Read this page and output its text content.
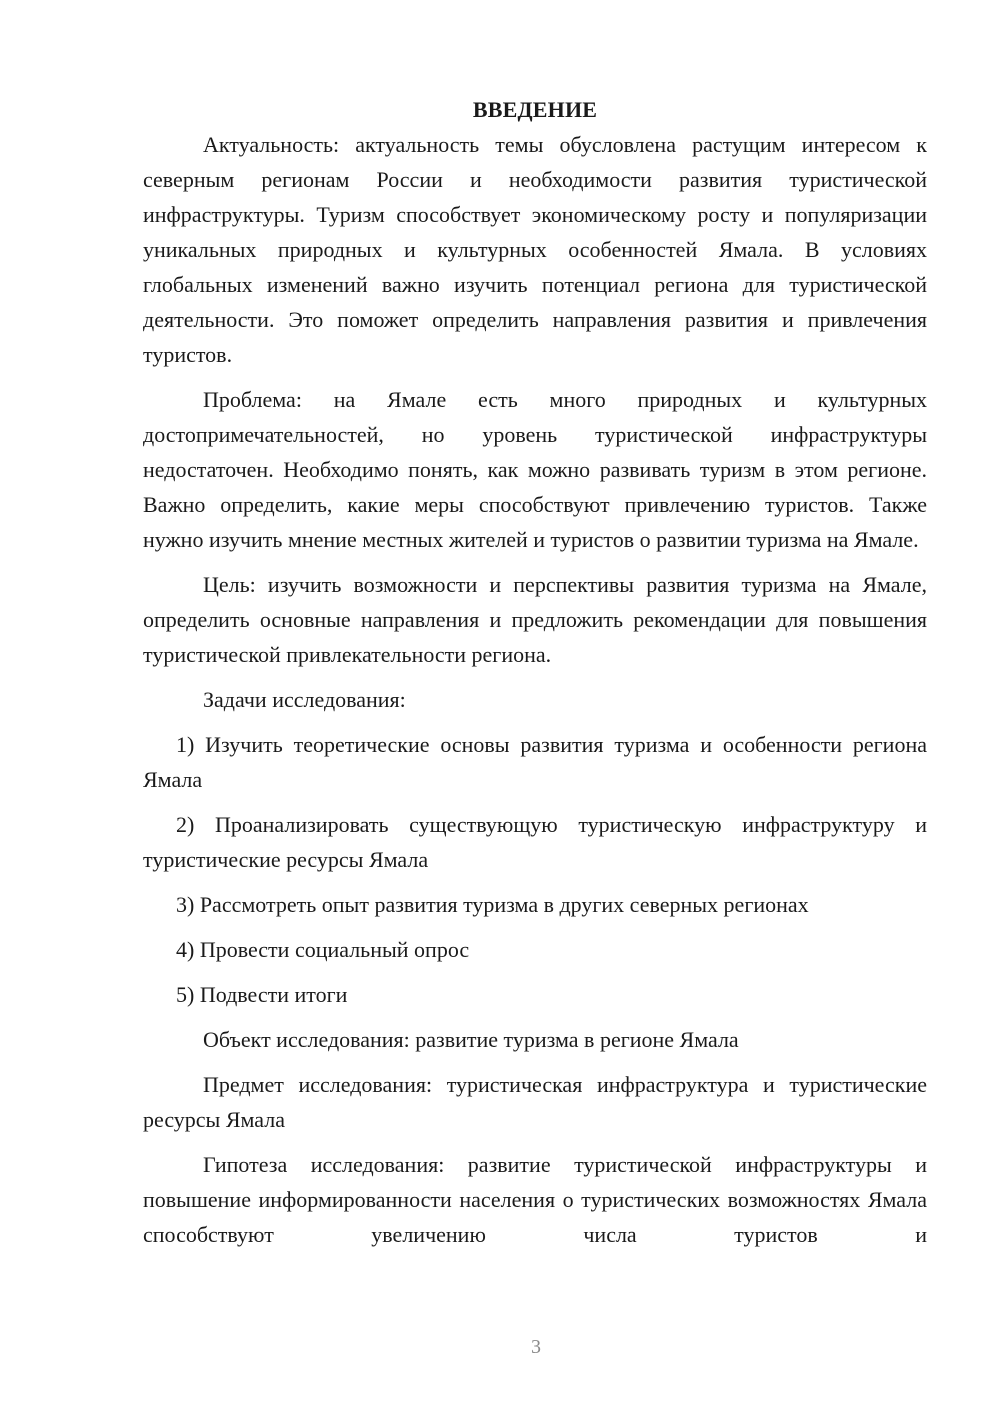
ВВЕДЕНИЕ

Актуальность: актуальность темы обусловлена растущим интересом к северным регионам России и необходимости развития туристической инфраструктуры. Туризм способствует экономическому росту и популяризации уникальных природных и культурных особенностей Ямала. В условиях глобальных изменений важно изучить потенциал региона для туристической деятельности. Это поможет определить направления развития и привлечения туристов.

Проблема: на Ямале есть много природных и культурных достопримечательностей, но уровень туристической инфраструктуры недостаточен. Необходимо понять, как можно развивать туризм в этом регионе. Важно определить, какие меры способствуют привлечению туристов. Также нужно изучить мнение местных жителей и туристов о развитии туризма на Ямале.

Цель: изучить возможности и перспективы развития туризма на Ямале, определить основные направления и предложить рекомендации для повышения туристической привлекательности региона.

Задачи исследования:

1) Изучить теоретические основы развития туризма и особенности региона Ямала

2) Проанализировать существующую туристическую инфраструктуру и туристические ресурсы Ямала

3) Рассмотреть опыт развития туризма в других северных регионах

4) Провести социальный опрос

5) Подвести итоги

Объект исследования: развитие туризма в регионе Ямала

Предмет исследования: туристическая инфраструктура и туристические ресурсы Ямала

Гипотеза исследования: развитие туристической инфраструктуры и повышение информированности населения о туристических возможностях Ямала способствуют увеличению числа туристов и

3
